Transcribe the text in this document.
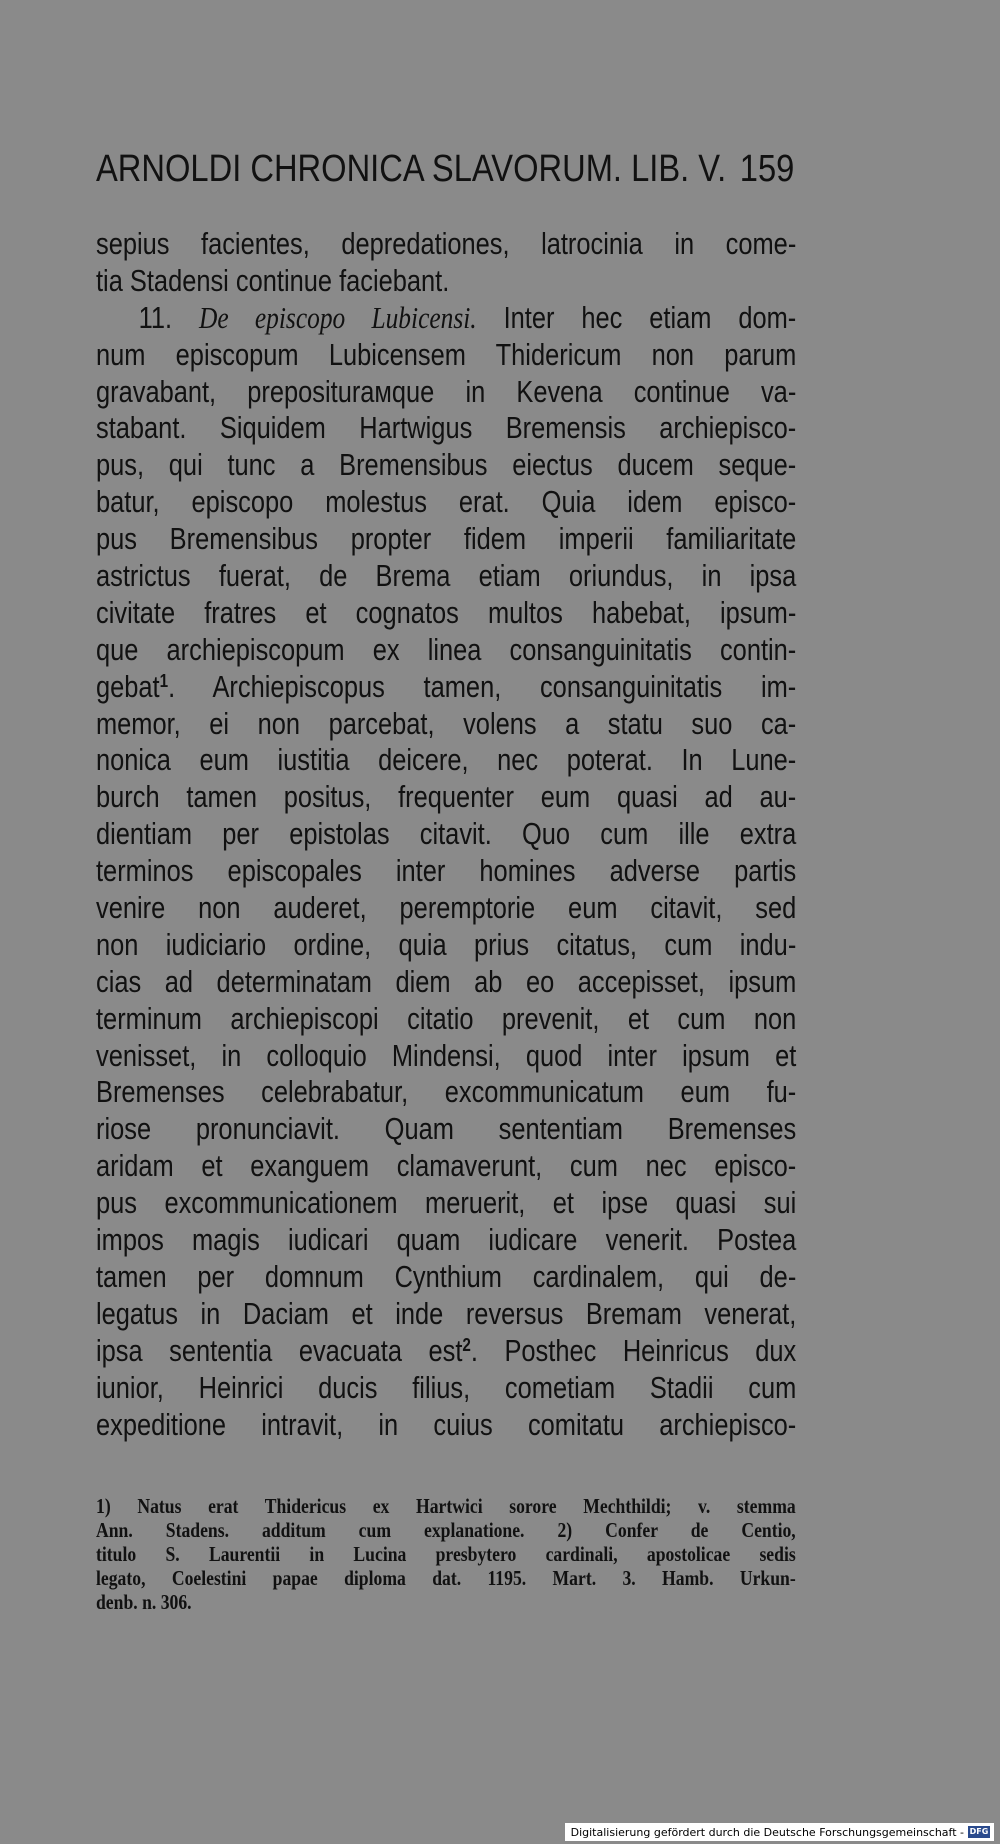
ARNOLDI CHRONICA SLAVORUM. LIB. V. 159
sepius facientes, depredationes, latrocinia in come-
tia Stadensi continue faciebant.
11. De episcopo Lubicensi. Inter hec etiam dom-
num episcopum Lubicensem Thidericum non parum
gravabant, prepositurамque in Kevena continue va-
stabant. Siquidem Hartwigus Bremensis archiepisco-
pus, qui tunc a Bremensibus eiectus ducem seque-
batur, episcopo molestus erat. Quia idem episco-
pus Bremensibus propter fidem imperii familiaritate
astrictus fuerat, de Brema etiam oriundus, in ipsa
civitate fratres et cognatos multos habebat, ipsum-
que archiepiscopum ex linea consanguinitatis contin-
gebat$^1$. Archiepiscopus tamen, consanguinitatis im-
memor, ei non parcebat, volens a statu suo ca-
nonica eum iustitia deicere, nec poterat. In Lune-
burch tamen positus, frequenter eum quasi ad au-
dientiam per epistolas citavit. Quo cum ille extra
terminos episcopales inter homines adverse partis
venire non auderet, peremptorie eum citavit, sed
non iudiciario ordine, quia prius citatus, cum indu-
cias ad determinatam diem ab eo accepisset, ipsum
terminum archiepiscopi citatio prevenit, et cum non
venisset, in colloquio Mindensi, quod inter ipsum et
Bremenses celebrabatur, excommunicatum eum fu-
riose pronunciavit. Quam sententiam Bremenses
aridam et exanguem clamaverunt, cum nec episco-
pus excommunicationem meruerit, et ipse quasi sui
impos magis iudicari quam iudicare venerit. Postea
tamen per domnum Cynthium cardinalem, qui de-
legatus in Daciam et inde reversus Bremam venerat,
ipsa sententia evacuata est$^2$. Posthec Heinricus dux
iunior, Heinrici ducis filius, cometiam Stadii cum
expeditione intravit, in cuius comitatu archiepisco-
1) Natus erat Thidericus ex Hartwici sorore Mechthildi; v. stemma
Ann. Stadens. additum cum explanatione. 2) Confer de Centio,
titulo S. Laurentii in Lucina presbytero cardinali, apostolicae sedis
legato, Coelestini papae diploma dat. 1195. Mart. 3. Hamb. Urkun-
denb. n. 306.
Digitalisierung gefördert durch die Deutsche Forschungsgemeinschaft - DFG
